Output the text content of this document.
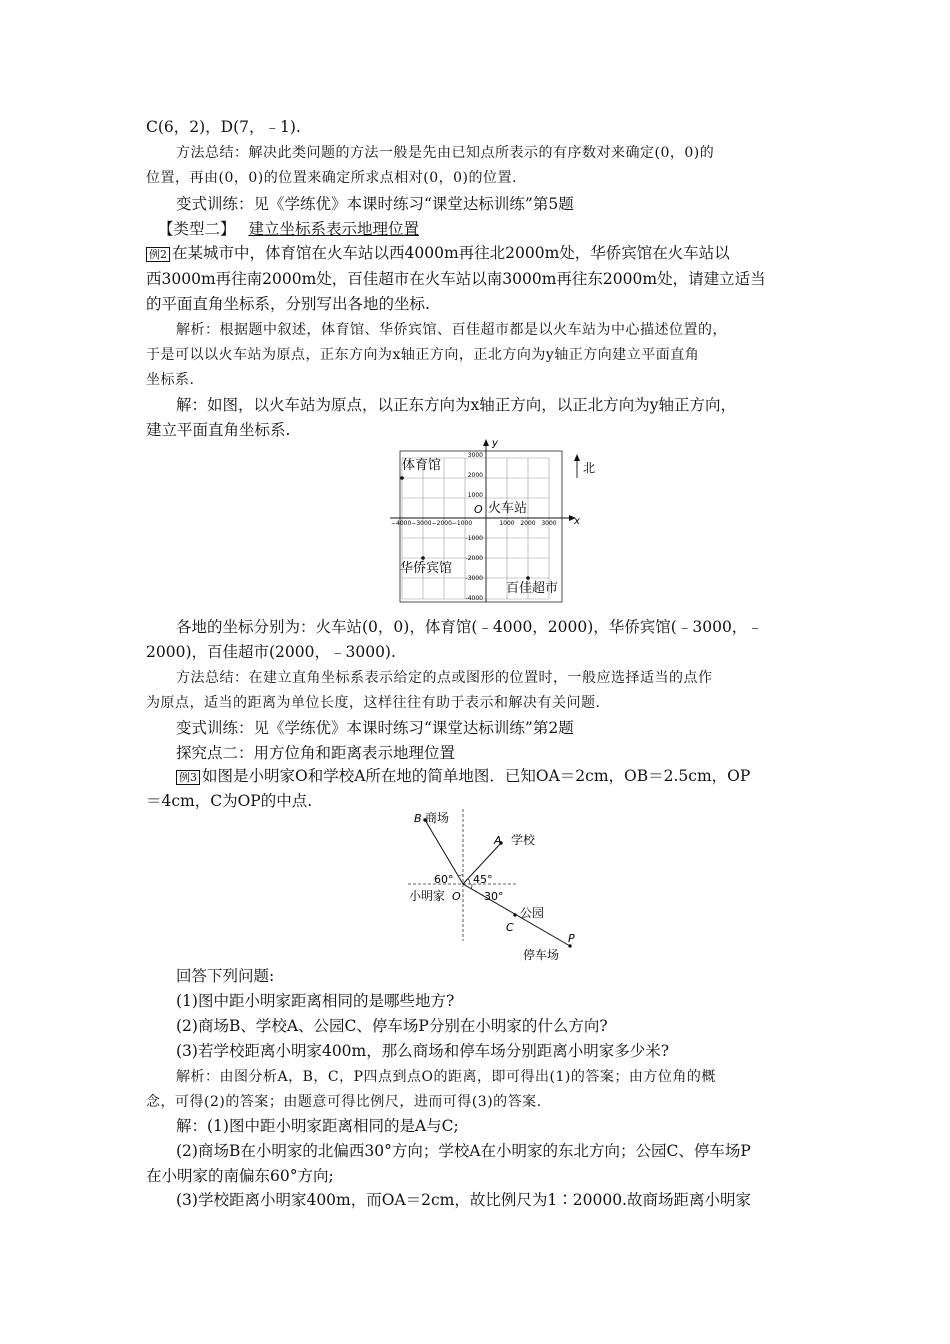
C(6，2)，D(7，﹣1).
方法总结：解决此类问题的方法一般是先由已知点所表示的有序数对来确定(0，0)的
位置，再由(0，0)的位置来确定所求点相对(0，0)的位置.
变式训练：见《学练优》本课时练习“课堂达标训练”第5题
【类型二】 建立坐标系表示地理位置
例2 在某城市中，体育馆在火车站以西4000m再往北2000m处，华侨宾馆在火车站以
西3000m再往南2000m处，百佳超市在火车站以南3000m再往东2000m处，请建立适当
的平面直角坐标系，分别写出各地的坐标.
解析：根据题中叙述，体育馆、华侨宾馆、百佳超市都是以火车站为中心描述位置的，
于是可以以火车站为原点，正东方向为x轴正方向，正北方向为y轴正方向建立平面直角
坐标系.
解：如图，以火车站为原点，以正东方向为x轴正方向，以正北方向为y轴正方向，
建立平面直角坐标系.
y
x
3000
2000
1000
-1000
-2000
-3000
-4000
−4000−3000−2000−1000	1000 2000 3000
O
北
体育馆
火车站
华侨宾馆
百佳超市
各地的坐标分别为：火车站(0，0)，体育馆(﹣4000，2000)，华侨宾馆(﹣3000，﹣
2000)，百佳超市(2000，﹣3000).
方法总结：在建立直角坐标系表示给定的点或图形的位置时，一般应选择适当的点作
为原点，适当的距离为单位长度，这样往往有助于表示和解决有关问题.
变式训练：见《学练优》本课时练习“课堂达标训练”第2题
探究点二：用方位角和距离表示地理位置
例3 如图是小明家O和学校A所在地的简单地图．已知OA＝2cm，OB＝2.5cm，OP
＝4cm，C为OP的中点.
B 商场
A 学校
60° 45°
30°
小明家 O
公园
C
P
停车场
回答下列问题:
(1)图中距小明家距离相同的是哪些地方?
(2)商场B、学校A、公园C、停车场P分别在小明家的什么方向?
(3)若学校距离小明家400m，那么商场和停车场分别距离小明家多少米?
解析：由图分析A，B，C，P四点到点O的距离，即可得出(1)的答案；由方位角的概
念，可得(2)的答案；由题意可得比例尺，进而可得(3)的答案.
解：(1)图中距小明家距离相同的是A与C;
(2)商场B在小明家的北偏西30°方向；学校A在小明家的东北方向；公园C、停车场P
在小明家的南偏东60°方向;
(3)学校距离小明家400m，而OA＝2cm，故比例尺为1∶20000.故商场距离小明家
